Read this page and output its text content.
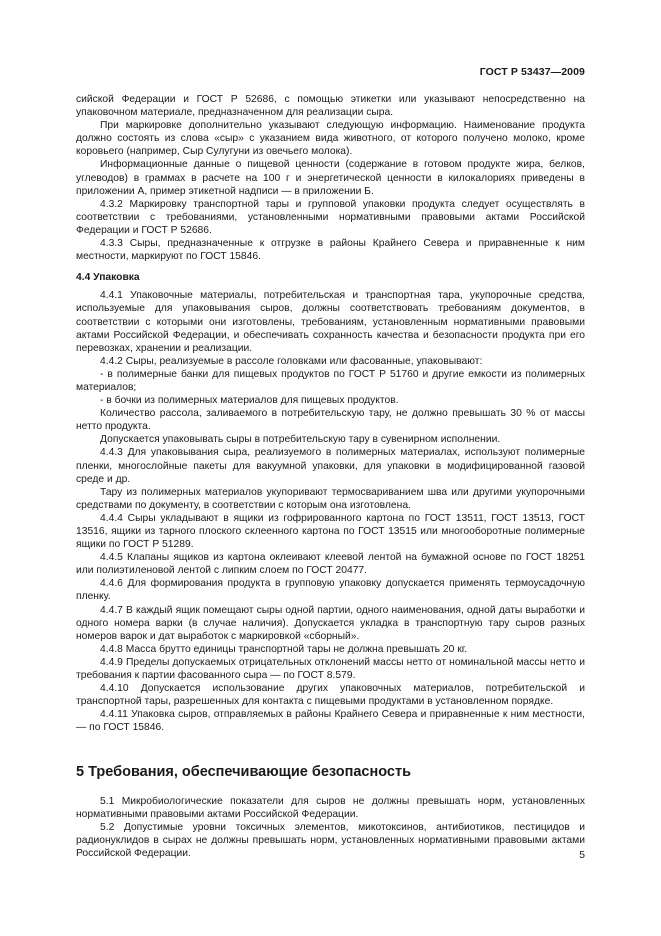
ГОСТ Р 53437—2009

сийской Федерации и ГОСТ Р 52686, с помощью этикетки или указывают непосредственно на упаковочном материале, предназначенном для реализации сыра.

При маркировке дополнительно указывают следующую информацию. Наименование продукта должно состоять из слова «сыр» с указанием вида животного, от которого получено молоко, кроме коровьего (например, Сыр Сулугуни из овечьего молока).

Информационные данные о пищевой ценности (содержание в готовом продукте жира, белков, углеводов) в граммах в расчете на 100 г и энергетической ценности в килокалориях приведены в приложении А, пример этикетной надписи — в приложении Б.

4.3.2 Маркировку транспортной тары и групповой упаковки продукта следует осуществлять в соответствии с требованиями, установленными нормативными правовыми актами Российской Федерации и ГОСТ Р 52686.

4.3.3 Сыры, предназначенные к отгрузке в районы Крайнего Севера и приравненные к ним местности, маркируют по ГОСТ 15846.

4.4 Упаковка

4.4.1 Упаковочные материалы, потребительская и транспортная тара, укупорочные средства, используемые для упаковывания сыров, должны соответствовать требованиям документов, в соответствии с которыми они изготовлены, требованиям, установленным нормативными правовыми актами Российской Федерации, и обеспечивать сохранность качества и безопасности продукта при его перевозках, хранении и реализации.

4.4.2 Сыры, реализуемые в рассоле головками или фасованные, упаковывают:

- в полимерные банки для пищевых продуктов по ГОСТ Р 51760 и другие емкости из полимерных материалов;

- в бочки из полимерных материалов для пищевых продуктов.

Количество рассола, заливаемого в потребительскую тару, не должно превышать 30 % от массы нетто продукта.

Допускается упаковывать сыры в потребительскую тару в сувенирном исполнении.

4.4.3 Для упаковывания сыра, реализуемого в полимерных материалах, используют полимерные пленки, многослойные пакеты для вакуумной упаковки, для упаковки в модифицированной газовой среде и др.

Тару из полимерных материалов укупоривают термосвариванием шва или другими укупорочными средствами по документу, в соответствии с которым она изготовлена.

4.4.4 Сыры укладывают в ящики из гофрированного картона по ГОСТ 13511, ГОСТ 13513, ГОСТ 13516, ящики из тарного плоского склеенного картона по ГОСТ 13515 или многооборотные полимерные ящики по ГОСТ Р 51289.

4.4.5 Клапаны ящиков из картона оклеивают клеевой лентой на бумажной основе по ГОСТ 18251 или полиэтиленовой лентой с липким слоем по ГОСТ 20477.

4.4.6 Для формирования продукта в групповую упаковку допускается применять термоусадочную пленку.

4.4.7 В каждый ящик помещают сыры одной партии, одного наименования, одной даты выработки и одного номера варки (в случае наличия). Допускается укладка в транспортную тару сыров разных номеров варок и дат выработок с маркировкой «сборный».

4.4.8 Масса брутто единицы транспортной тары не должна превышать 20 кг.

4.4.9 Пределы допускаемых отрицательных отклонений массы нетто от номинальной массы нетто и требования к партии фасованного сыра — по ГОСТ 8.579.

4.4.10 Допускается использование других упаковочных материалов, потребительской и транспортной тары, разрешенных для контакта с пищевыми продуктами в установленном порядке.

4.4.11 Упаковка сыров, отправляемых в районы Крайнего Севера и приравненные к ним местности, — по ГОСТ 15846.

5 Требования, обеспечивающие безопасность

5.1 Микробиологические показатели для сыров не должны превышать норм, установленных нормативными правовыми актами Российской Федерации.

5.2 Допустимые уровни токсичных элементов, микотоксинов, антибиотиков, пестицидов и радионуклидов в сырах не должны превышать норм, установленных нормативными правовыми актами Российской Федерации.	5
